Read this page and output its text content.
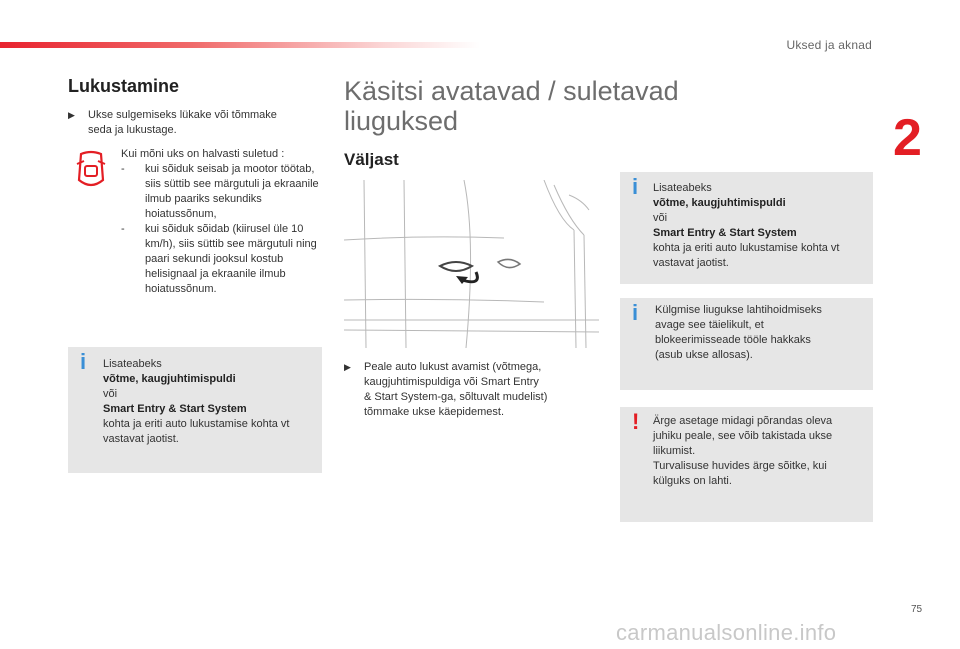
Uksed ja aknad
2
Lukustamine
▶	Ukse sulgemiseks lükake või tõmmake
seda ja lukustage.
Kui mõni uks on halvasti suletud :
- kui sõiduk seisab ja mootor töötab, siis süttib see märgutuli ja ekraanile ilmub paariks sekundiks hoiatussõnum,
- kui sõiduk sõidab (kiirusel üle 10 km/h), siis süttib see märgutuli ning paari sekundi jooksul kostub helisignaal ja ekraanile ilmub hoiatussõnum.
i	Lisateabeks
võtme, kaugjuhtimispuldi
või
Smart Entry & Start System
kohta ja eriti auto lukustamise kohta vt
vastavat jaotist.
Käsitsi avatavad / suletavad liuguksed
Väljast
▶	Peale auto lukust avamist (võtmega,
kaugjuhtimispuldiga või Smart Entry
& Start System-ga, sõltuvalt mudelist)
tõmmake ukse käepidemest.
i	Lisateabeks
võtme, kaugjuhtimispuldi
või
Smart Entry & Start System
kohta ja eriti auto lukustamise kohta vt
vastavat jaotist.
i	Külgmise liugukse lahtihoidmiseks
avage see täielikult, et
blokeerimisseade tööle hakkaks
(asub ukse allosas).
! Ärge asetage midagi põrandas oleva
juhiku peale, see võib takistada ukse
liikumist.
Turvalisuse huvides ärge sõitke, kui
külguks on lahti.
75
carmanualsonline.info
